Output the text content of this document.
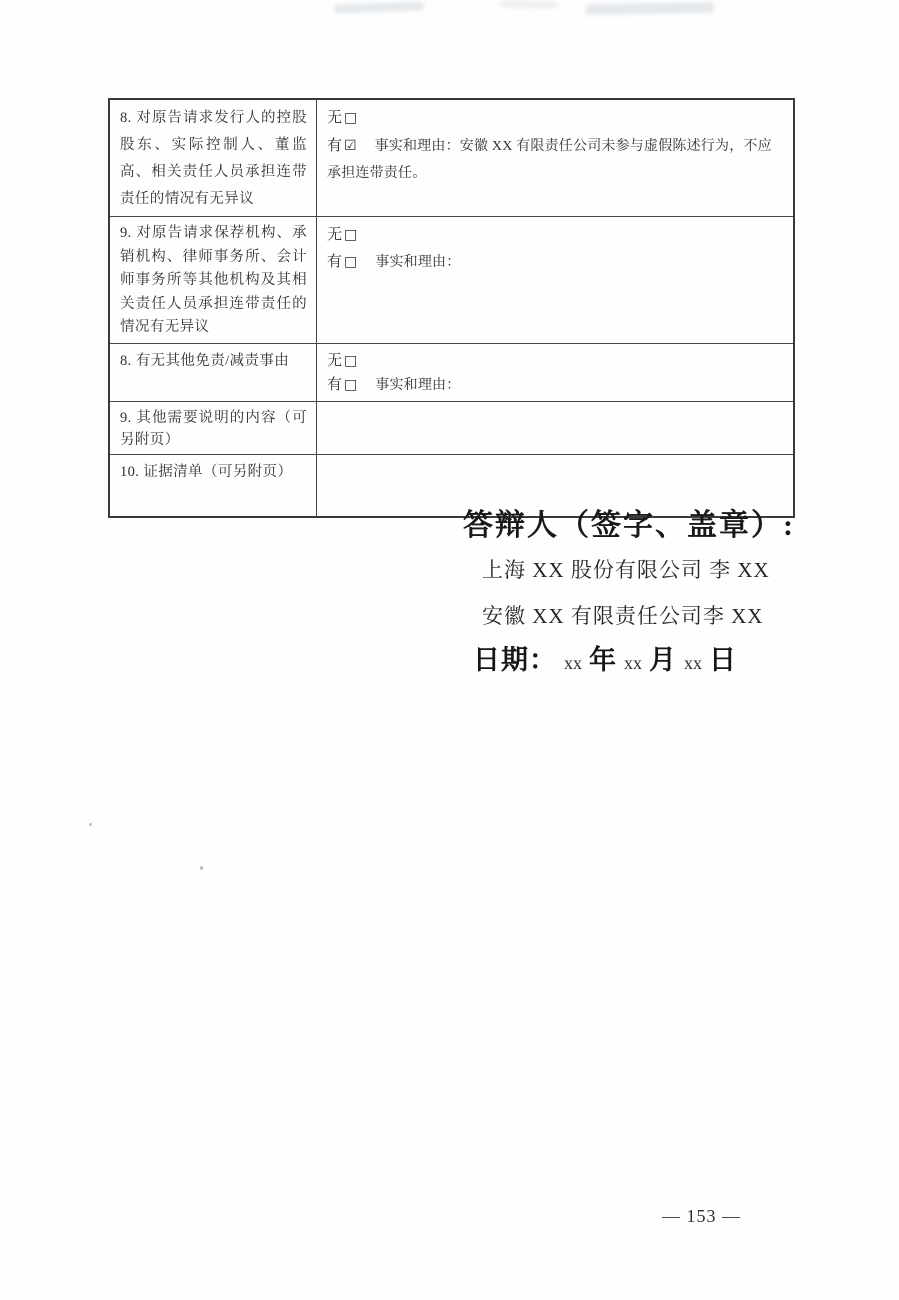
8. 对原告请求发行人的控股股东、实际控制人、董监高、相关责任人员承担连带责任的情况有无异议	无 □
有 ☑ 事实和理由：安徽 XX 有限责任公司未参与虚假陈述行为，不应承担连带责任。

9. 对原告请求保荐机构、承销机构、律师事务所、会计师事务所等其他机构及其相关责任人员承担连带责任的情况有无异议	无 □
有 □ 事实和理由：

8. 有无其他免责/减责事由	无 □
有 □ 事实和理由：

9. 其他需要说明的内容（可另附页）	

10. 证据清单（可另附页）	

答辩人（签字、盖章）:
上海 XX 股份有限公司 李 XX
安徽 XX 有限责任公司李 XX
日期： xx 年 xx 月 xx 日
— 153 —
